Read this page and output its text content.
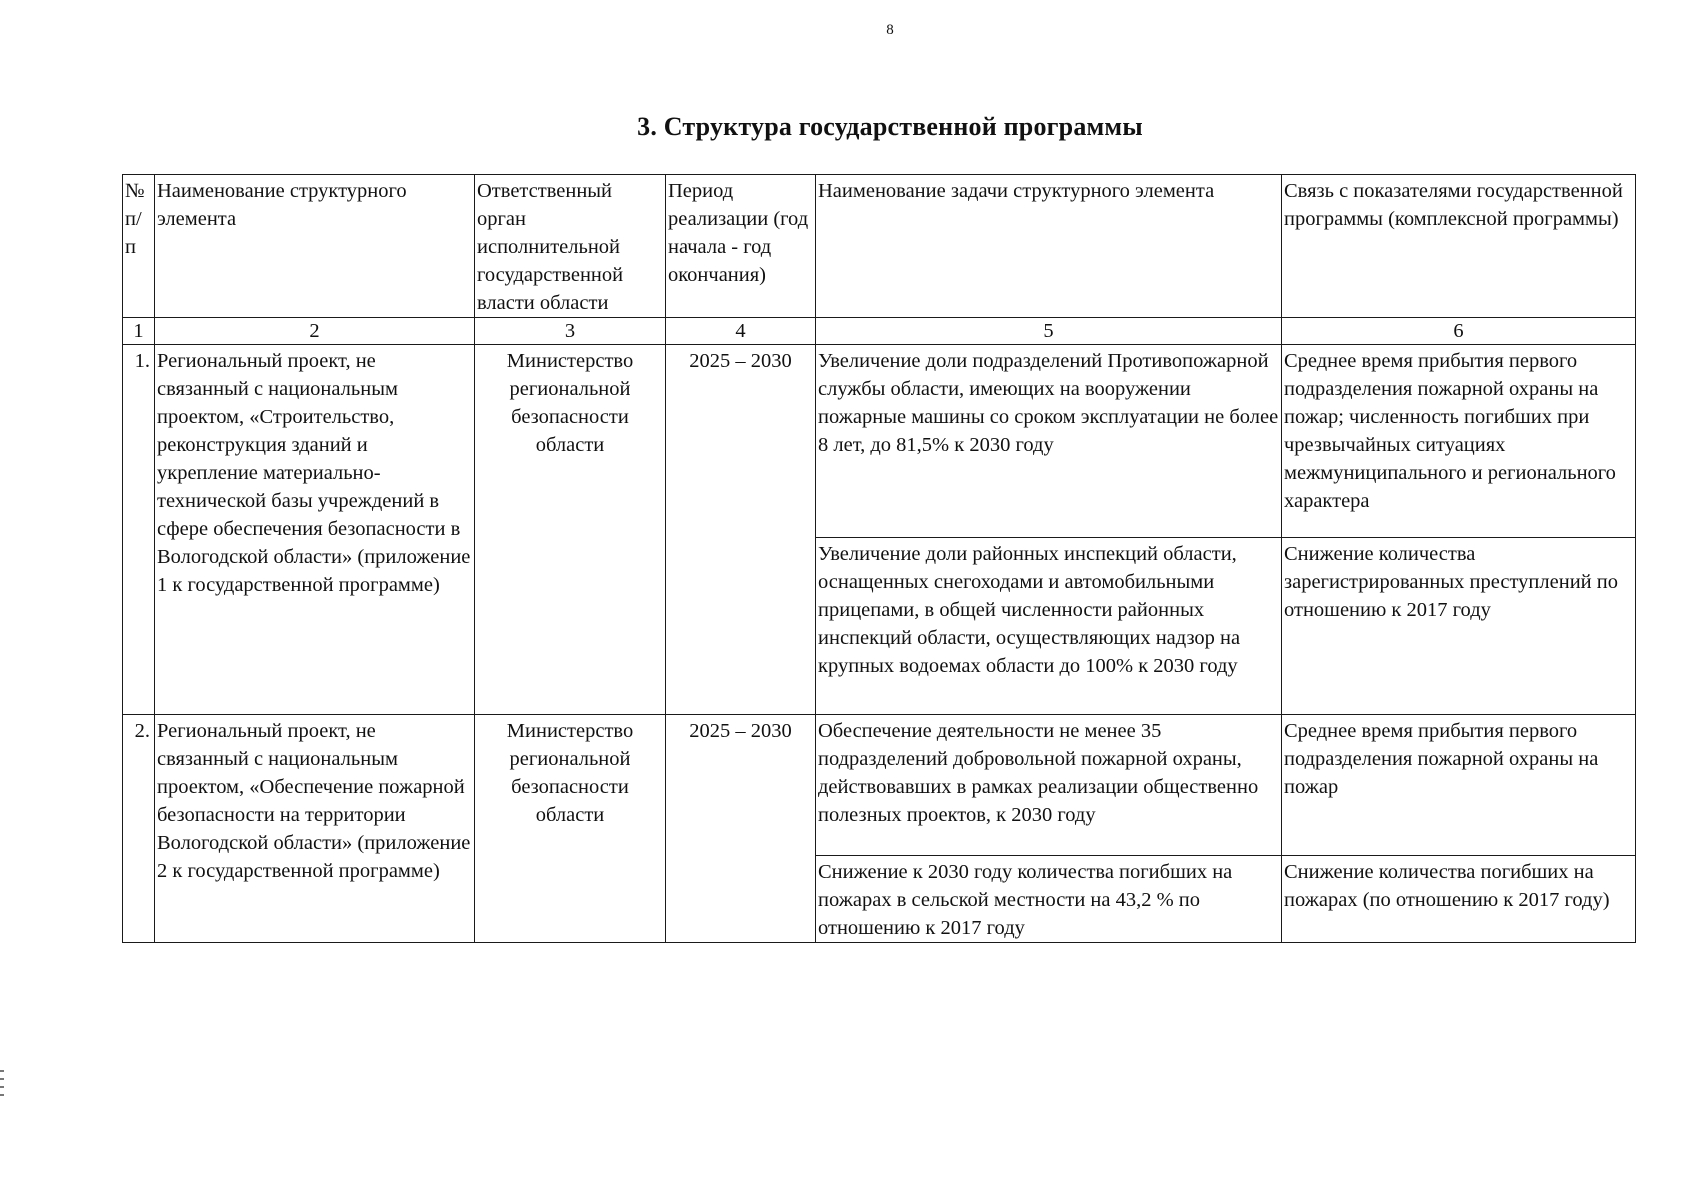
8
3. Структура государственной программы
№ п/п	Наименование структурного элемента	Ответственный орган исполнительной государственной власти области	Период реализации (год начала - год окончания)	Наименование задачи структурного элемента	Связь с показателями государственной программы (комплексной программы)
1	2	3	4	5	6
1.	Региональный проект, не связанный с национальным проектом, «Строительство, реконструкция зданий и укрепление материально-технической базы учреждений в сфере обеспечения безопасности в Вологодской области» (приложение 1 к государственной программе)	Министерство региональной безопасности области	2025 – 2030	Увеличение доли подразделений Противопожарной службы области, имеющих на вооружении пожарные машины со сроком эксплуатации не более 8 лет, до 81,5% к 2030 году	Среднее время прибытия первого подразделения пожарной охраны на пожар; численность погибших при чрезвычайных ситуациях межмуниципального и регионального характера
				Увеличение доли районных инспекций области, оснащенных снегоходами и автомобильными прицепами, в общей численности районных инспекций области, осуществляющих надзор на крупных водоемах области до 100% к 2030 году	Снижение количества зарегистрированных преступлений по отношению к 2017 году
2.	Региональный проект, не связанный с национальным проектом, «Обеспечение пожарной безопасности на территории Вологодской области» (приложение 2 к государственной программе)	Министерство региональной безопасности области	2025 – 2030	Обеспечение деятельности не менее 35 подразделений добровольной пожарной охраны, действовавших в рамках реализации общественно полезных проектов, к 2030 году	Среднее время прибытия первого подразделения пожарной охраны на пожар
				Снижение к 2030 году количества погибших на пожарах в сельской местности на 43,2 % по отношению к 2017 году	Снижение количества погибших на пожарах (по отношению к 2017 году)
